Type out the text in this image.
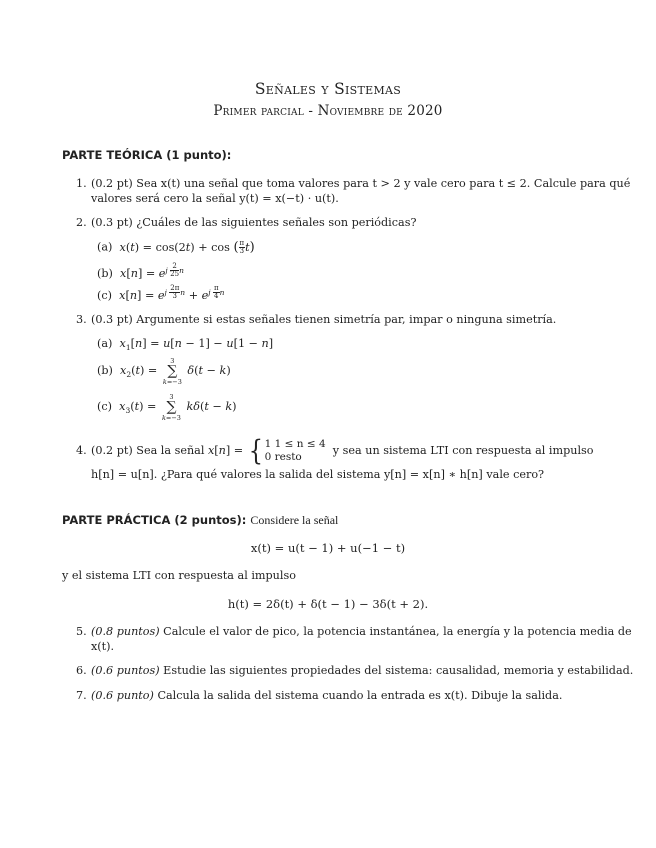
Señales y Sistemas
Primer parcial - Noviembre de 2020
PARTE TEÓRICA (1 punto):
1. (0.2 pt) Sea x(t) una señal que toma valores para t > 2 y vale cero para t ≤ 2. Calcule para qué
valores será cero la señal y(t) = x(−t) · u(t).
2. (0.3 pt) ¿Cuáles de las siguientes señales son periódicas?
(a) x(t) = cos(2t) + cos ( $\frac{\pi}{3} t$)
(b) $x[n] = e^{j \frac{2}{25} n}$
(c) $x[n] = e^{j \frac{2\pi}{3} n} + e^{j \frac{\pi}{4} n}$
3. (0.3 pt) Argumente si estas señales tienen simetría par, impar o ninguna simetría.
(a) $x_1[n] = u[n - 1] - u[1 - n]$
(b) $x_2(t)$ =
3
∑
k=−3
δ(t − k)
(c) $x_3(t)$ =
3
∑
k=−3
kδ(t − k)
4. (0.2 pt) Sea la señal x[n] = { 1 1 ≤ n ≤ 4
0 resto	y sea un sistema LTI con respuesta al impulso
h[n] = u[n]. ¿Para qué valores la salida del sistema y[n] = x[n] ∗ h[n] vale cero?
PARTE PRÁCTICA (2 puntos): Considere la señal
x(t) = u(t − 1) + u(−1 − t)
y el sistema LTI con respuesta al impulso
h(t) = 2δ(t) + δ(t − 1) − 3δ(t + 2).
5. (0.8 puntos) Calcule el valor de pico, la potencia instantánea, la energía y la potencia media de
x(t).
6. (0.6 puntos) Estudie las siguientes propiedades del sistema: causalidad, memoria y estabilidad.
7. (0.6 punto) Calcula la salida del sistema cuando la entrada es x(t). Dibuje la salida.
